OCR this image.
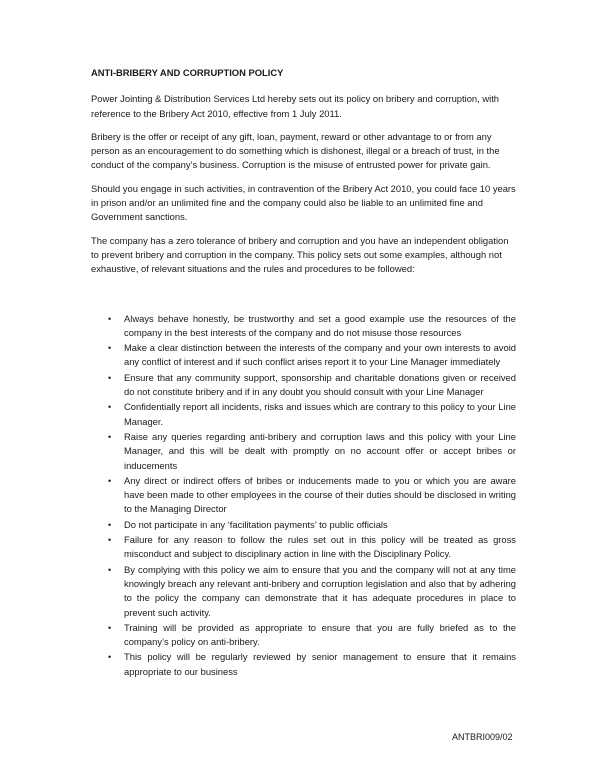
ANTI-BRIBERY AND CORRUPTION POLICY

Power Jointing & Distribution Services Ltd hereby sets out its policy on bribery and corruption, with reference to the Bribery Act 2010, effective from 1 July 2011.

Bribery is the offer or receipt of any gift, loan, payment, reward or other advantage to or from any person as an encouragement to do something which is dishonest, illegal or a breach of trust, in the conduct of the company’s business. Corruption is the misuse of entrusted power for private gain.

Should you engage in such activities, in contravention of the Bribery Act 2010, you could face 10 years in prison and/or an unlimited fine and the company could also be liable to an unlimited fine and Government sanctions.

The company has a zero tolerance of bribery and corruption and you have an independent obligation to prevent bribery and corruption in the company. This policy sets out some examples, although not exhaustive, of relevant situations and the rules and procedures to be followed:

• Always behave honestly, be trustworthy and set a good example use the resources of the company in the best interests of the company and do not misuse those resources
• Make a clear distinction between the interests of the company and your own interests to avoid any conflict of interest and if such conflict arises report it to your Line Manager immediately
• Ensure that any community support, sponsorship and charitable donations given or received do not constitute bribery and if in any doubt you should consult with your Line Manager
• Confidentially report all incidents, risks and issues which are contrary to this policy to your Line Manager.
• Raise any queries regarding anti-bribery and corruption laws and this policy with your Line Manager, and this will be dealt with promptly on no account offer or accept bribes or inducements
• Any direct or indirect offers of bribes or inducements made to you or which you are aware have been made to other employees in the course of their duties should be disclosed in writing to the Managing Director
• Do not participate in any ‘facilitation payments’ to public officials
• Failure for any reason to follow the rules set out in this policy will be treated as gross misconduct and subject to disciplinary action in line with the Disciplinary Policy.
• By complying with this policy we aim to ensure that you and the company will not at any time knowingly breach any relevant anti-bribery and corruption legislation and also that by adhering to the policy the company can demonstrate that it has adequate procedures in place to prevent such activity.
• Training will be provided as appropriate to ensure that you are fully briefed as to the company’s policy on anti-bribery.
• This policy will be regularly reviewed by senior management to ensure that it remains appropriate to our business
ANTBRI009/02
